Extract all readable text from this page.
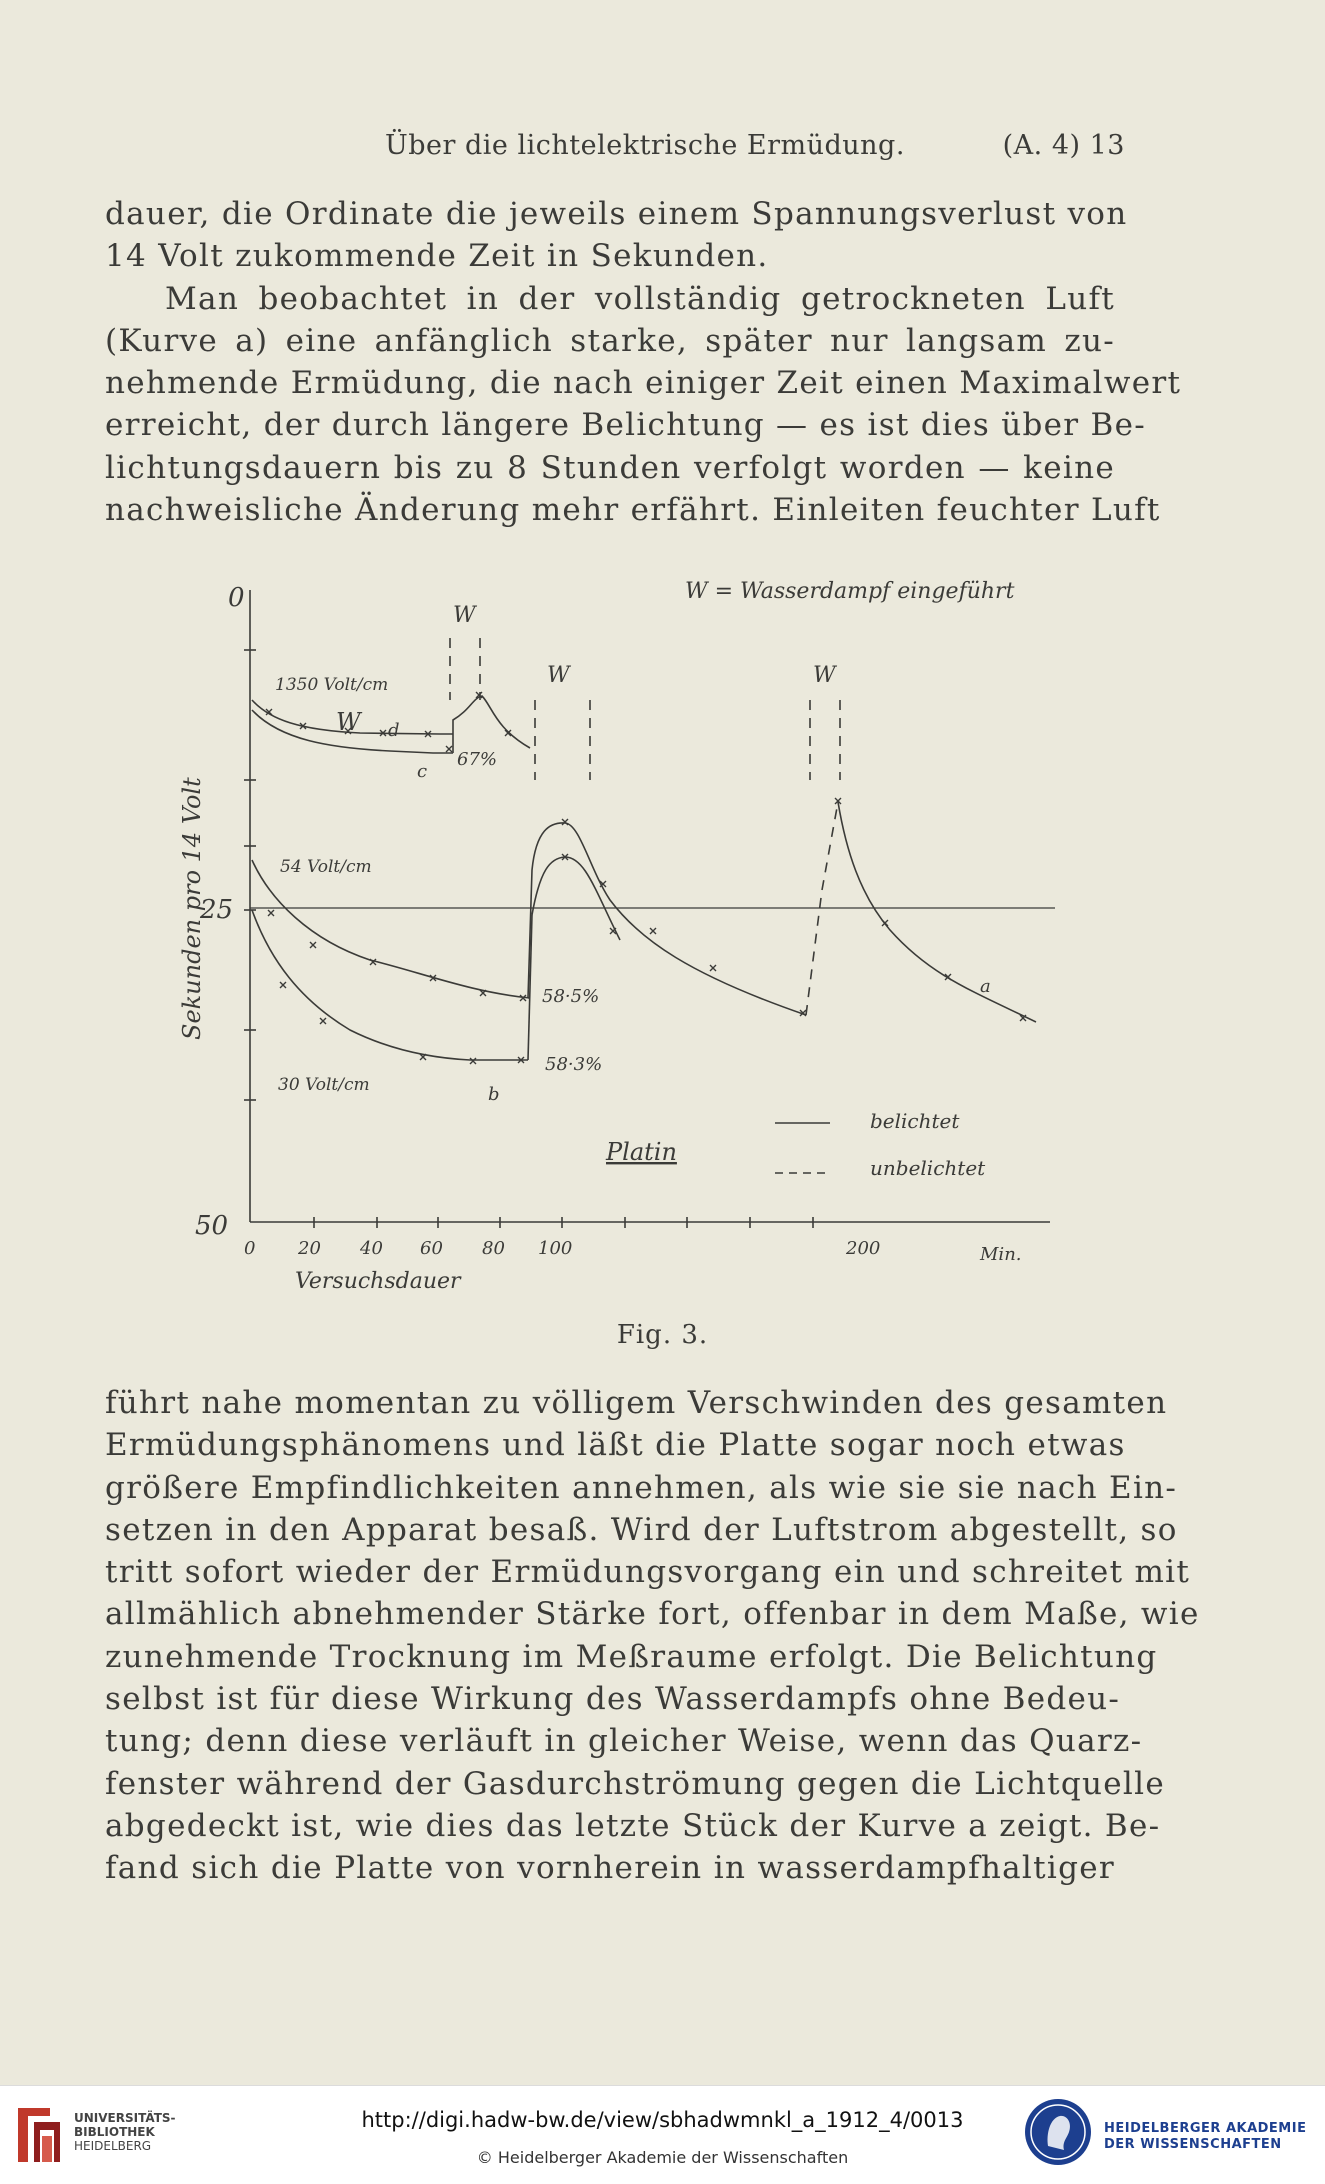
Über die lichtelektrische Ermüdung.	(A. 4) 13
dauer, die Ordinate die jeweils einem Spannungsverlust von
14 Volt zukommende Zeit in Sekunden.
Man beobachtet in der vollständig getrockneten Luft
(Kurve a) eine anfänglich starke, später nur langsam zu-
nehmende Ermüdung, die nach einiger Zeit einen Maximalwert
erreicht, der durch längere Belichtung — es ist dies über Be-
lichtungsdauern bis zu 8 Stunden verfolgt worden — keine
nachweisliche Änderung mehr erfährt. Einleiten feuchter Luft
0
25
50
Sekunden pro 14 Volt
0 20 40 60 80 100	200	Min.
Versuchsdauer
W = Wasserdampf eingeführt
W
W	W
1350 Volt/cm
W d
c
67%
54 Volt/cm
58·5%
58·3%
a
30 Volt/cm	b
Platin
belichtet
unbelichtet
Fig. 3.
führt nahe momentan zu völligem Verschwinden des gesamten
Ermüdungsphänomens und läßt die Platte sogar noch etwas
größere Empfindlichkeiten annehmen, als wie sie sie nach Ein-
setzen in den Apparat besaß. Wird der Luftstrom abgestellt, so
tritt sofort wieder der Ermüdungsvorgang ein und schreitet mit
allmählich abnehmender Stärke fort, offenbar in dem Maße, wie
zunehmende Trocknung im Meßraume erfolgt. Die Belichtung
selbst ist für diese Wirkung des Wasserdampfs ohne Bedeu-
tung; denn diese verläuft in gleicher Weise, wenn das Quarz-
fenster während der Gasdurchströmung gegen die Lichtquelle
abgedeckt ist, wie dies das letzte Stück der Kurve a zeigt. Be-
fand sich die Platte von vornherein in wasserdampfhaltiger
UNIVERSITÄTS-
BIBLIOTHEK
HEIDELBERG
http://digi.hadw-bw.de/view/sbhadwmnkl_a_1912_4/0013
© Heidelberger Akademie der Wissenschaften
HEIDELBERGER AKADEMIE
DER WISSENSCHAFTEN
